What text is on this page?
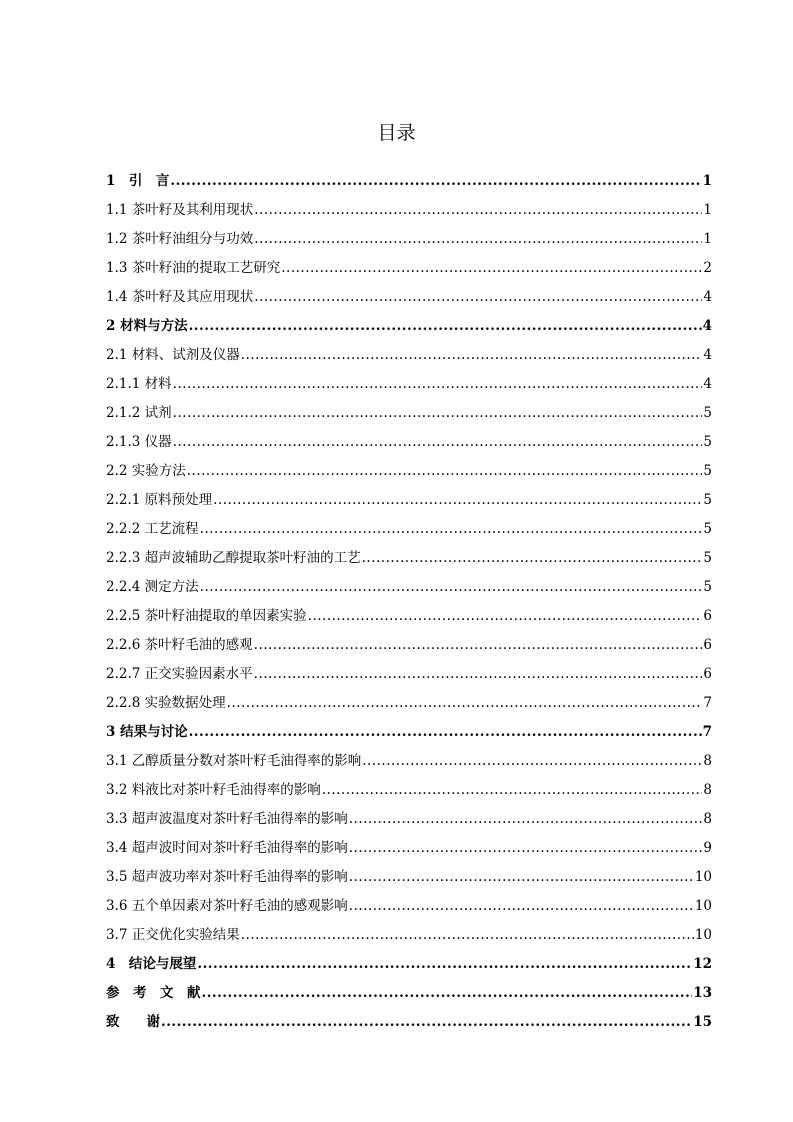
目录
1　引　言 .....	1
1.1 茶叶籽及其利用现状 .....	1
1.2 茶叶籽油组分与功效 .....	1
1.3 茶叶籽油的提取工艺研究 .....	2
1.4 茶叶籽及其应用现状 .....	4
2 材料与方法 .....	4
2.1 材料、试剂及仪器 .....	4
2.1.1 材料 .....	4
2.1.2 试剂 .....	5
2.1.3 仪器 .....	5
2.2 实验方法 .....	5
2.2.1 原料预处理 .....	5
2.2.2 工艺流程 .....	5
2.2.3 超声波辅助乙醇提取茶叶籽油的工艺 .....	5
2.2.4 测定方法 .....	5
2.2.5 茶叶籽油提取的单因素实验 .....	6
2.2.6 茶叶籽毛油的感观 .....	6
2.2.7 正交实验因素水平 .....	6
2.2.8 实验数据处理 .....	7
3 结果与讨论 .....	7
3.1 乙醇质量分数对茶叶籽毛油得率的影响 .....	8
3.2 料液比对茶叶籽毛油得率的影响 .....	8
3.3 超声波温度对茶叶籽毛油得率的影响 .....	8
3.4 超声波时间对茶叶籽毛油得率的影响 .....	9
3.5 超声波功率对茶叶籽毛油得率的影响 .....	10
3.6 五个单因素对茶叶籽毛油的感观影响 .....	10
3.7 正交优化实验结果 .....	10
4　结论与展望 .....	12
参　考　文　献 .....	13
致　　谢 .....	15
